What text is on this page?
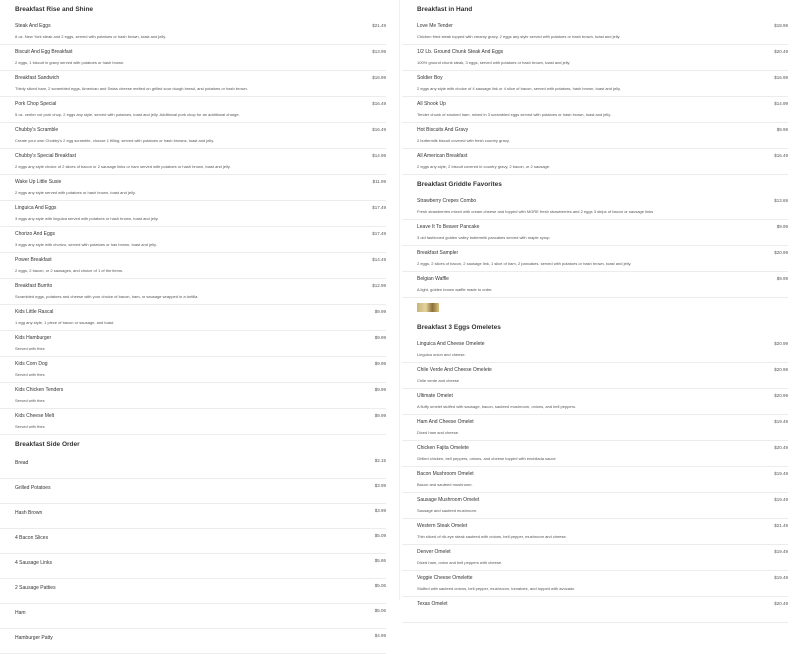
Breakfast Rise and Shine
Steak And Eggs
8 oz. New York steak and 2 eggs, served with potatoes or hash brown, toast and jelly.
$21.49
Biscuit And Egg Breakfast
2 eggs, 1 biscuit in gravy served with potatoes or hash brown.
$13.99
Breakfast Sandwich
Thinly sliced ham, 2 scrambled eggs, American and Swiss cheese melted on grilled sour dough bread, and potatoes or hash brown.
$16.99
Pork Chop Special
5 oz. center cut pork chop, 2 eggs any style, served with potatoes, toast and jelly. Additional pork chop for an additional charge.
$16.49
Chubby's Scramble
Create your own Chubby's 2 egg scramble, choose 1 filling, served with potatoes or hash browns, toast and jelly.
$16.49
Chubby's Special Breakfast
2 eggs any style choice of 2 slices of bacon or 2 sausage links or ham served with potatoes or hash brown, toast and jelly.
$14.99
Wake Up Little Susie
2 eggs any style served with potatoes or hash brown, toast and jelly.
$11.99
Linguica And Eggs
3 eggs any style with linguica served with potatoes or hash brown, toast and jelly.
$17.49
Chorizo And Eggs
3 eggs any style with chorizo, served with potatoes or has brown, toast and jelly.
$17.49
Power Breakfast
2 eggs, 2 bacon, or 2 sausages, and choice of 1 of the items.
$14.49
Breakfast Burrito
Scrambled eggs, potatoes and cheese with your choice of bacon, ham, or sausage wrapped in a tortilla.
$12.99
Kids Little Rascal
1 egg any style, 1 piece of bacon or sausage, and toast.
$9.99
Kids Hamburger
Served with fries
$9.99
Kids Corn Dog
Served with fries
$9.99
Kids Chicken Tenders
Served with fries
$9.99
Kids Cheese Melt
Served with fries
$9.99
Breakfast Side Order
Bread	$2.15
Grilled Potatoes	$3.99
Hash Brown	$3.99
4 Bacon Slices	$5.09
4 Sausage Links	$5.86
2 Sausage Patties	$5.06
Ham	$5.06
Hamburger Patty	$4.99
Breakfast in Hand
Love Me Tender
Chicken fried steak topped with creamy gravy, 2 eggs any style served with potatoes or hash brown, toast and jelly.
$18.99
1/2 Lb. Ground Chunk Steak And Eggs
100% ground chunk steak, 3 eggs, served with potatoes or hash brown, toast and jelly
$20.49
Soldier Boy
2 eggs any style with choice of 4 sausage link or 4 slice of bacon, served with potatoes, hash brown, toast and jelly.
$16.99
All Shook Up
Tender chunk of smoked ham, mixed in 3 scrambled eggs served with potatoes or hash brown, toast and jelly.
$14.99
Hot Biscuits And Gravy
2 buttermilk biscuit covered with fresh country gravy.
$9.99
All American Breakfast
2 eggs any style, 2 biscuit covered in country gravy, 2 bacon, or 2 sausage.
$16.49
Breakfast Griddle Favorites
Strawberry Crepes Combo
Fresh strawberries mixed with cream cheese and topped with MORE fresh strawberries and 2 eggs 3 strips of bacon or sausage links
$13.69
Leave It To Beaver Pancake
3 old fashioned golden valley buttermilk pancakes served with maple syrup.
$9.99
Breakfast Sampler
2 eggs, 2 slices of bacon, 2 sausage link, 1 slice of ham, 2 pancakes. served with potatoes or hash brown, toast and jelly.
$20.99
Belgian Waffle
A light, golden brown waffle made to order.
$9.99
Breakfast 3 Eggs Omeletes
Linguica And Cheese Omelete
Linguica onion and cheese.
$20.99
Chile Verde And Cheese Omelete
Chile verde and cheese
$20.99
Ultimate Omelet
A fluffy omelet stuffed with sausage, bacon, sauteed mushroom, onions, and bell peppers.
$20.99
Ham And Cheese Omelet
Diced ham and cheese.
$19.49
Chicken Fajita Omelete
Grilled chicken, bell peppers, onions, and cheese topped with enchilada sauce
$20.49
Bacon Mushroom Omelet
Bacon and sauteed mushroom.
$19.49
Sausage Mushroom Omelet
Sausage and sauteed mushroom.
$19.49
Western Steak Omelet
Thin sliced of rib-eye steak sauteed with onions, bell pepper, mushroom and cheese.
$21.49
Denver Omelet
Diced ham, onion and bell peppers with cheese.
$19.49
Veggie Cheese Omelette
Stuffed with sauteed onions, bell pepper, mushroom, tomatoes, and topped with avocado
$19.49
Texas Omelet	$20.49
